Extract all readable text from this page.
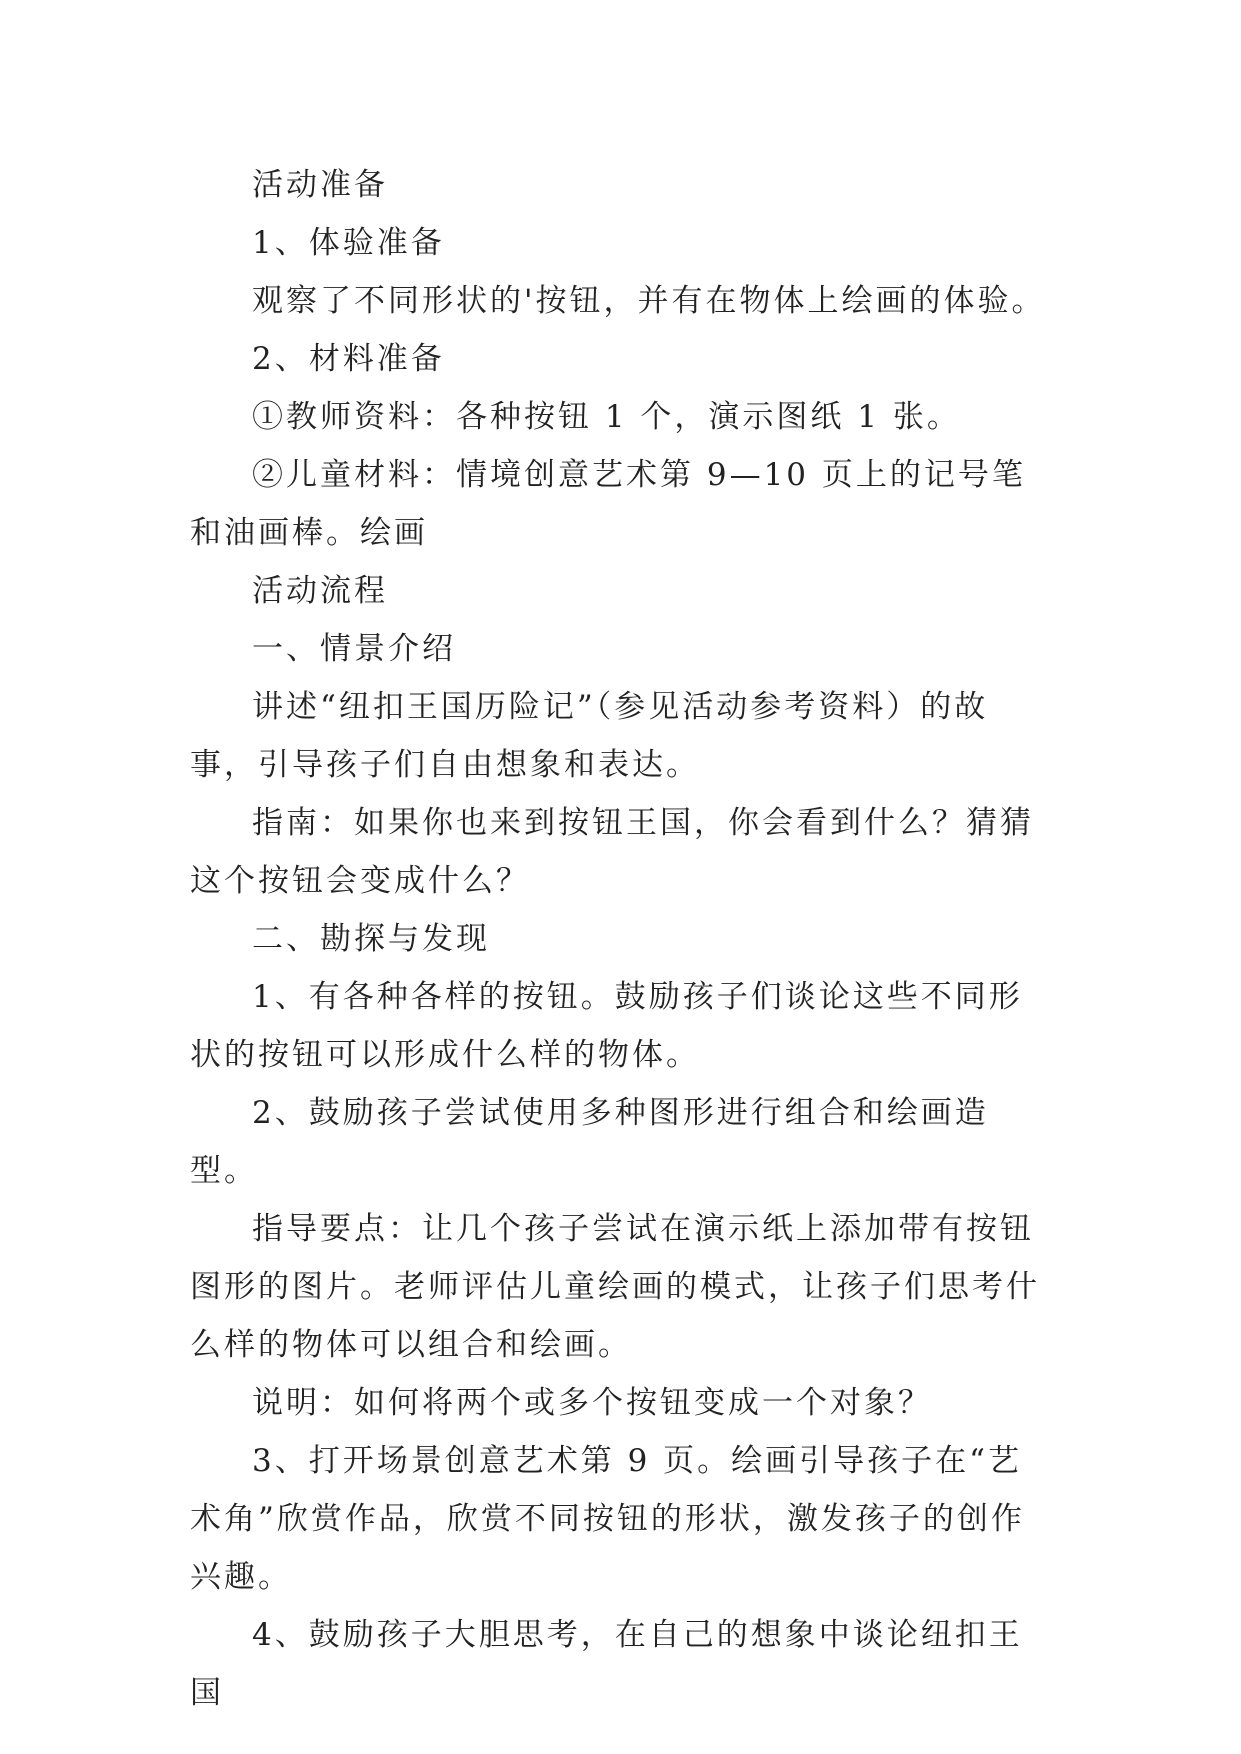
活动准备

1、体验准备

观察了不同形状的'按钮，并有在物体上绘画的体验。

2、材料准备

①教师资料：各种按钮 1 个，演示图纸 1 张。

②儿童材料：情境创意艺术第 9—10 页上的记号笔和油画棒。绘画

活动流程

一、情景介绍

讲述“纽扣王国历险记”（参见活动参考资料）的故事，引导孩子们自由想象和表达。

指南：如果你也来到按钮王国，你会看到什么？猜猜这个按钮会变成什么？

二、勘探与发现

1、有各种各样的按钮。鼓励孩子们谈论这些不同形状的按钮可以形成什么样的物体。

2、鼓励孩子尝试使用多种图形进行组合和绘画造型。

指导要点：让几个孩子尝试在演示纸上添加带有按钮图形的图片。老师评估儿童绘画的模式，让孩子们思考什么样的物体可以组合和绘画。

说明：如何将两个或多个按钮变成一个对象？

3、打开场景创意艺术第 9 页。绘画引导孩子在“艺术角”欣赏作品，欣赏不同按钮的形状，激发孩子的创作兴趣。

4、鼓励孩子大胆思考，在自己的想象中谈论纽扣王国
